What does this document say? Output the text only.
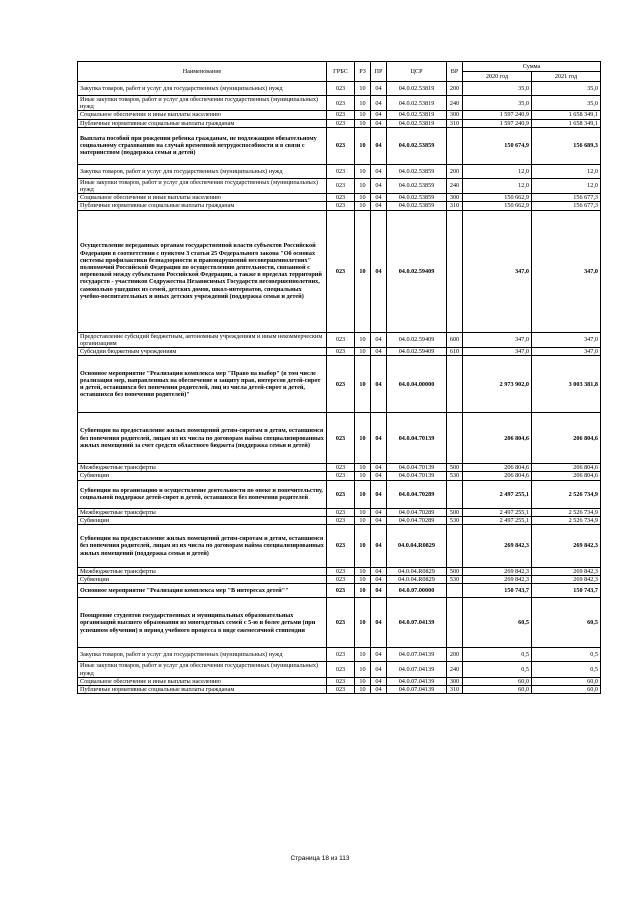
Наименование	ГРБС	РЗ	ПР	ЦСР	ВР	Сумма	
						2020 год	2021 год
Закупка товаров, работ и услуг для государственных (муниципальных) нужд	023	10	04	04.0.02.53819	200	35,0	35,0
Иные закупки товаров, работ и услуг для обеспечения государственных (муниципальных) нужд	023	10	04	04.0.02.53819	240	35,0	35,0
Социальное обеспечение и иные выплаты населению	023	10	04	04.0.02.53819	300	1 597 240,9	1 658 349,1
Публичные нормативные социальные выплаты гражданам	023	10	04	04.0.02.53819	310	1 597 240,9	1 658 349,1
Выплата пособий при рождении ребенка гражданам, не подлежащим обязательному социальному страхованию на случай временной нетрудоспособности и в связи с материнством (поддержка семьи и детей)	023	10	04	04.0.02.53859		150 674,9	156 689,3
Закупка товаров, работ и услуг для государственных (муниципальных) нужд	023	10	04	04.0.02.53859	200	12,0	12,0
Иные закупки товаров, работ и услуг для обеспечения государственных (муниципальных) нужд	023	10	04	04.0.02.53859	240	12,0	12,0
Социальное обеспечение и иные выплаты населению	023	10	04	04.0.02.53859	300	150 662,9	156 677,3
Публичные нормативные социальные выплаты гражданам	023	10	04	04.0.02.53859	310	150 662,9	156 677,3
Осуществление переданных органам государственной власти субъектов Российской Федерации в соответствии с пунктом 3 статьи 25 Федерального закона "Об основах системы профилактики безнадзорности и правонарушений несовершеннолетних" полномочий Российской Федерации по осуществлению деятельности, связанной с перевозкой между субъектами Российской Федерации, а также в пределах территорий государств - участников Содружества Независимых Государств несовершеннолетних, самовольно ушедших из семей, детских домов, школ-интернатов, специальных учебно-воспитательных и иных детских учреждений (поддержка семьи и детей)	023	10	04	04.0.02.59409		347,0	347,0
Предоставление субсидий бюджетным, автономным учреждениям и иным некоммерческим организациям	023	10	04	04.0.02.59409	600	347,0	347,0
Субсидии бюджетным учреждениям	023	10	04	04.0.02.59409	610	347,0	347,0
Основное мероприятие "Реализация комплекса мер "Право на выбор" (в том числе реализация мер, направленных на обеспечение и защиту прав, интересов детей-сирот и детей, оставшихся без попечения родителей, лиц из числа детей-сирот и детей, оставшихся без попечения родителей)"	023	10	04	04.0.04.00000		2 973 902,0	3 003 381,8
Субвенции на предоставление жилых помещений детям-сиротам и детям, оставшимся без попечения родителей, лицам из их числа по договорам найма специализированных жилых помещений за счет средств областного бюджета (поддержка семьи и детей)	023	10	04	04.0.04.70139		206 804,6	206 804,6
Межбюджетные трансферты	023	10	04	04.0.04.70139	500	206 804,6	206 804,6
Субвенции	023	10	04	04.0.04.70139	530	206 804,6	206 804,6
Субвенции на организацию и осуществление деятельности по опеке и попечительству, социальной поддержке детей-сирот и детей, оставшихся без попечения родителей	023	10	04	04.0.04.70289		2 497 255,1	2 526 734,9
Межбюджетные трансферты	023	10	04	04.0.04.70289	500	2 497 255,1	2 526 734,9
Субвенции	023	10	04	04.0.04.70289	530	2 497 255,1	2 526 734,9
Субвенции на предоставление жилых помещений детям-сиротам и детям, оставшимся без попечения родителей, лицам из их числа по договорам найма специализированных жилых помещений (поддержка семьи и детей)	023	10	04	04.0.04.R0829		269 842,3	269 842,3
Межбюджетные трансферты	023	10	04	04.0.04.R0829	500	269 842,3	269 842,3
Субвенции	023	10	04	04.0.04.R0829	530	269 842,3	269 842,3
Основное мероприятие "Реализация комплекса мер "В интересах детей""	023	10	04	04.0.07.00000		150 743,7	150 743,7
Поощрение студентов государственных и муниципальных образовательных организаций высшего образования из многодетных семей с 5-ю и более детьми (при успешном обучении) в период учебного процесса в виде ежемесячной стипендии	023	10	04	04.0.07.04139		60,5	60,5
Закупка товаров, работ и услуг для государственных (муниципальных) нужд	023	10	04	04.0.07.04139	200	0,5	0,5
Иные закупки товаров, работ и услуг для обеспечения государственных (муниципальных) нужд	023	10	04	04.0.07.04139	240	0,5	0,5
Социальное обеспечение и иные выплаты населению	023	10	04	04.0.07.04139	300	60,0	60,0
Публичные нормативные социальные выплаты гражданам	023	10	04	04.0.07.04139	310	60,0	60,0
Страница 18 из 113
